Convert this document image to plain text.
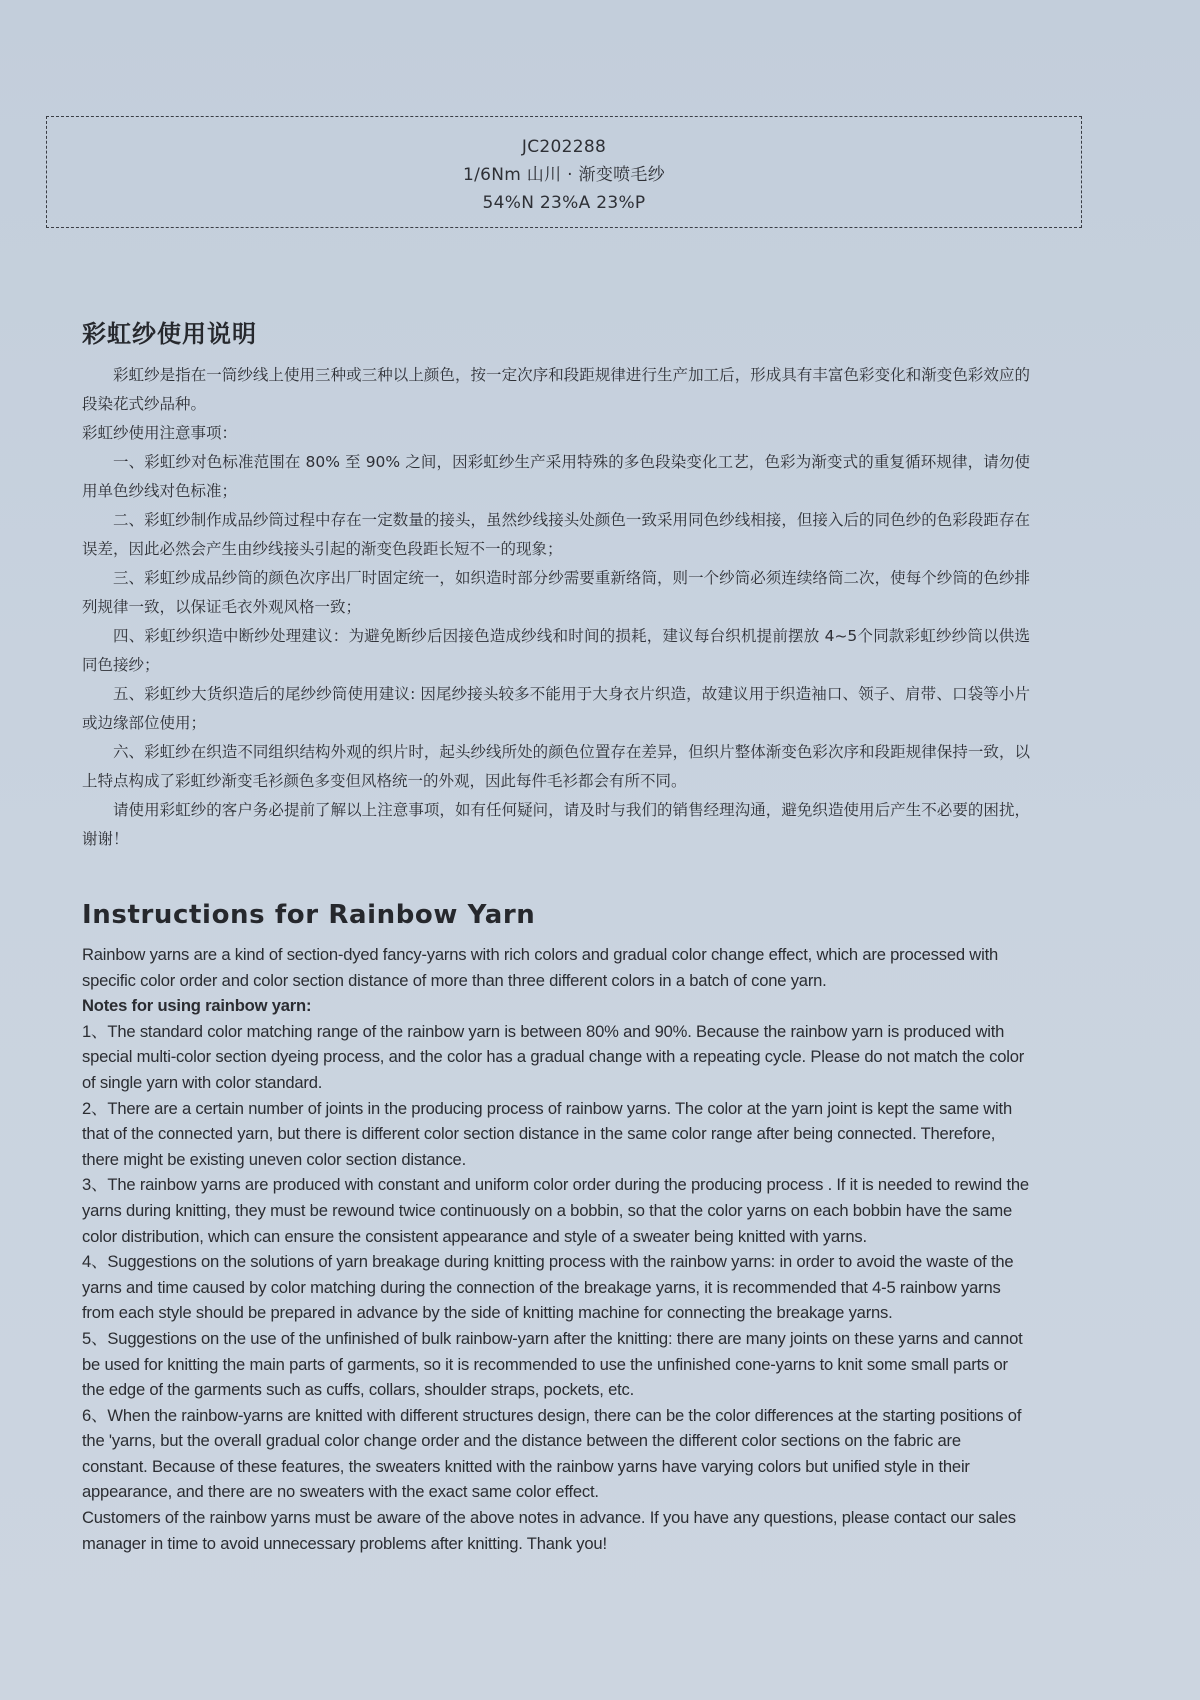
JC202288
1/6Nm 山川 · 渐变喷毛纱
54%N 23%A 23%P
彩虹纱使用说明

彩虹纱是指在一筒纱线上使用三种或三种以上颜色，按一定次序和段距规律进行生产加工后，形成具有丰富色彩变化和渐变色彩效应的段染花式纱品种。

彩虹纱使用注意事项：

一、彩虹纱对色标准范围在 80% 至 90% 之间，因彩虹纱生产采用特殊的多色段染变化工艺，色彩为渐变式的重复循环规律，请勿使用单色纱线对色标准；

二、彩虹纱制作成品纱筒过程中存在一定数量的接头，虽然纱线接头处颜色一致采用同色纱线相接，但接入后的同色纱的色彩段距存在误差，因此必然会产生由纱线接头引起的渐变色段距长短不一的现象；

三、彩虹纱成品纱筒的颜色次序出厂时固定统一，如织造时部分纱需要重新络筒，则一个纱筒必须连续络筒二次，使每个纱筒的色纱排列规律一致，以保证毛衣外观风格一致；

四、彩虹纱织造中断纱处理建议：为避免断纱后因接色造成纱线和时间的损耗，建议每台织机提前摆放 4~5个同款彩虹纱纱筒以供选同色接纱；

五、彩虹纱大货织造后的尾纱纱筒使用建议: 因尾纱接头较多不能用于大身衣片织造，故建议用于织造袖口、领子、肩带、口袋等小片或边缘部位使用；

六、彩虹纱在织造不同组织结构外观的织片时，起头纱线所处的颜色位置存在差异，但织片整体渐变色彩次序和段距规律保持一致，以上特点构成了彩虹纱渐变毛衫颜色多变但风格统一的外观，因此每件毛衫都会有所不同。

请使用彩虹纱的客户务必提前了解以上注意事项，如有任何疑问，请及时与我们的销售经理沟通，避免织造使用后产生不必要的困扰，谢谢！

Instructions for Rainbow Yarn

Rainbow yarns are a kind of section-dyed fancy-yarns with rich colors and gradual color change effect, which are processed with specific color order and color section distance of more than three different colors in a batch of cone yarn.

Notes for using rainbow yarn:

1、The standard color matching range of the rainbow yarn is between 80% and 90%. Because the rainbow yarn is produced with special multi-color section dyeing process, and the color has a gradual change with a repeating cycle. Please do not match the color of single yarn with color standard.

2、There are a certain number of joints in the producing process of rainbow yarns. The color at the yarn joint is kept the same with that of the connected yarn, but there is different color section distance in the same color range after being connected. Therefore, there might be existing uneven color section distance.

3、The rainbow yarns are produced with constant and uniform color order during the producing process . If it is needed to rewind the yarns during knitting, they must be rewound twice continuously on a bobbin, so that the color yarns on each bobbin have the same color distribution, which can ensure the consistent appearance and style of a sweater being knitted with yarns.

4、Suggestions on the solutions of yarn breakage during knitting process with the rainbow yarns: in order to avoid the waste of the yarns and time caused by color matching during the connection of the breakage yarns, it is recommended that 4-5 rainbow yarns from each style should be prepared in advance by the side of knitting machine for connecting the breakage yarns.

5、Suggestions on the use of the unfinished of bulk rainbow-yarn after the knitting: there are many joints on these yarns and cannot be used for knitting the main parts of garments, so it is recommended to use the unfinished cone-yarns to knit some small parts or the edge of the garments such as cuffs, collars, shoulder straps, pockets, etc.

6、When the rainbow-yarns are knitted with different structures design, there can be the color differences at the starting positions of the 'yarns, but the overall gradual color change order and the distance between the different color sections on the fabric are constant. Because of these features, the sweaters knitted with the rainbow yarns have varying colors but unified style in their appearance, and there are no sweaters with the exact same color effect.

Customers of the rainbow yarns must be aware of the above notes in advance. If you have any questions, please contact our sales manager in time to avoid unnecessary problems after knitting. Thank you!
